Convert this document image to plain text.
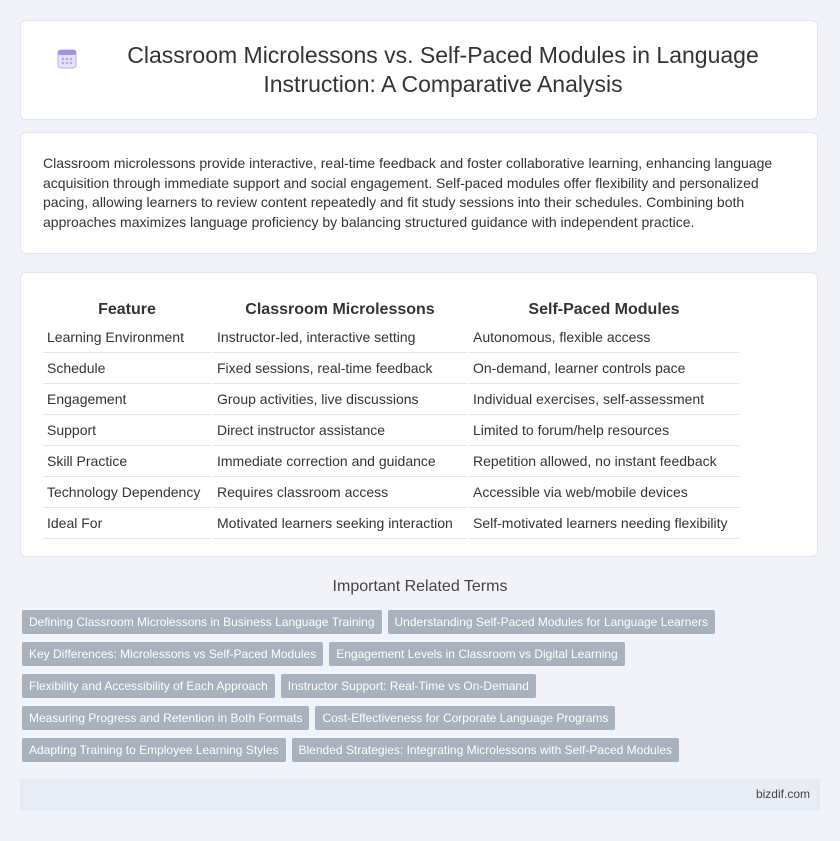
Classroom Microlessons vs. Self-Paced Modules in Language Instruction: A Comparative Analysis

Classroom microlessons provide interactive, real-time feedback and foster collaborative learning, enhancing language acquisition through immediate support and social engagement. Self-paced modules offer flexibility and personalized pacing, allowing learners to review content repeatedly and fit study sessions into their schedules. Combining both approaches maximizes language proficiency by balancing structured guidance with independent practice.

Feature	Classroom Microlessons	Self-Paced Modules
Learning Environment	Instructor-led, interactive setting	Autonomous, flexible access
Schedule	Fixed sessions, real-time feedback	On-demand, learner controls pace
Engagement	Group activities, live discussions	Individual exercises, self-assessment
Support	Direct instructor assistance	Limited to forum/help resources
Skill Practice	Immediate correction and guidance	Repetition allowed, no instant feedback
Technology Dependency	Requires classroom access	Accessible via web/mobile devices
Ideal For	Motivated learners seeking interaction	Self-motivated learners needing flexibility
Important Related Terms
Defining Classroom Microlessons in Business Language Training	Understanding Self-Paced Modules for Language Learners
Key Differences: Microlessons vs Self-Paced Modules	Engagement Levels in Classroom vs Digital Learning
Flexibility and Accessibility of Each Approach	Instructor Support: Real-Time vs On-Demand
Measuring Progress and Retention in Both Formats	Cost-Effectiveness for Corporate Language Programs
Adapting Training to Employee Learning Styles	Blended Strategies: Integrating Microlessons with Self-Paced Modules
bizdif.com
